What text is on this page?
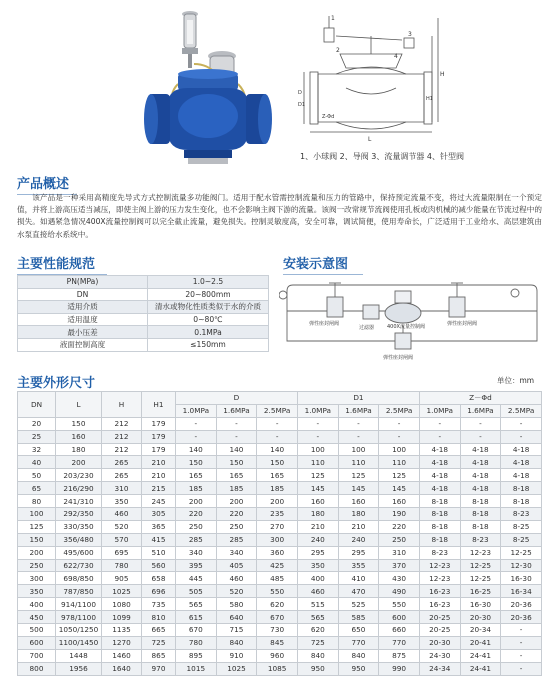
1
2
3
4
H
H1
Z-Φd
L
D
D1
1、小球阀 2、导阀 3、流量调节器 4、针型阀
产品概述

该产品是一种采用高精度先导式方式控制流量多功能阀门。适用于配水管需控制流量和压力的管路中，保持预定流量不变，将过大流量限制在一个预定值，并将上游高压适当减压，即使主阀上游的压力发生变化，也不会影响主阀下游的流量。该阀一改常规节流阀使用孔板或肉机械的减少能量在节流过程中的损失。如遇紧急情况400X流量控制阀可以完全截止流量，避免损失。控制灵敏度高，安全可靠，调试简便，使用寿命长，广泛适用于工业给水、高层建筑由水泵直接给水系统中。

主要性能规范
PN(MPa)	1.0~2.5
DN	20~800mm
适用介质	清水或物化性质类似于水的介质
适用温度	0~80℃
最小压差	0.1MPa
液面控制高度	≤150mm
安装示意图
弹性座封闸阀
过滤器	400X流量控制阀	弹性座封闸阀
弹性座封闸阀
主要外形尺寸	单位：mm
DN	L	H	H1	D			D1			Z－Φd		
				1.0MPa	1.6MPa	2.5MPa	1.0MPa	1.6MPa	2.5MPa	1.0MPa	1.6MPa	2.5MPa
20	150	212	179	-	-	-	-	-	-	-	-	-
25	160	212	179	-	-	-	-	-	-	-	-	-
32	180	212	179	140	140	140	100	100	100	4-18	4-18	4-18
40	200	265	210	150	150	150	110	110	110	4-18	4-18	4-18
50	203/230	265	210	165	165	165	125	125	125	4-18	4-18	4-18
65	216/290	310	215	185	185	185	145	145	145	4-18	4-18	8-18
80	241/310	350	245	200	200	200	160	160	160	8-18	8-18	8-18
100	292/350	460	305	220	220	235	180	180	190	8-18	8-18	8-23
125	330/350	520	365	250	250	270	210	210	220	8-18	8-18	8-25
150	356/480	570	415	285	285	300	240	240	250	8-18	8-23	8-25
200	495/600	695	510	340	340	360	295	295	310	8-23	12-23	12-25
250	622/730	780	560	395	405	425	350	355	370	12-23	12-25	12-30
300	698/850	905	658	445	460	485	400	410	430	12-23	12-25	16-30
350	787/850	1025	696	505	520	550	460	470	490	16-23	16-25	16-34
400	914/1100	1080	735	565	580	620	515	525	550	16-23	16-30	20-36
450	978/1100	1099	810	615	640	670	565	585	600	20-25	20-30	20-36
500	1050/1250	1135	665	670	715	730	620	650	660	20-25	20-34	-
600	1100/1450	1270	725	780	840	845	725	770	770	20-30	20-41	-
700	1448	1460	865	895	910	960	840	840	875	24-30	24-41	-
800	1956	1640	970	1015	1025	1085	950	950	990	24-34	24-41	-
